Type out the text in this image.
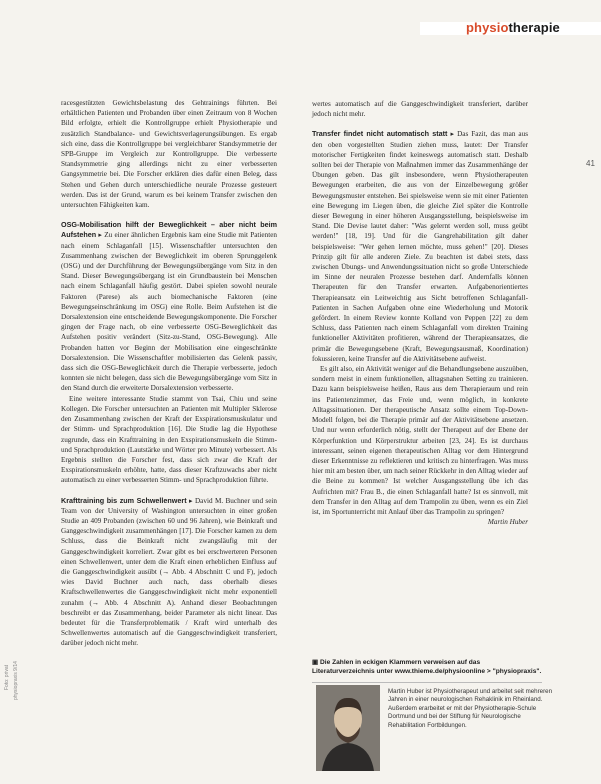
physiotherapie
41

racesgestützten Gewichtsbelastung des Gehtrainings führten. Bei erhältlichen Patienten und Probanden über einen Zeitraum von 8 Wochen Bild erfolgte, erhielt die Kontrollgruppe erhielt Physiotherapie und zusätzlich Standbalance- und Gewichtsverlagerungsübungen. Es ergab sich eine, dass die Kontrollgruppe bei vergleichbarer Standsymmetrie der SPB-Gruppe im Vergleich zur Kontrollgruppe. Die verbesserte Standsymmetrie ging allerdings nicht zu einer verbesserten Gangsymmetrie bei. Die Forscher erklären dies dafür einen Beleg, dass Stehen und Gehen durch unterschiedliche neurale Prozesse gesteuert werden. Das ist der Grund, warum es bei keinem Transfer zwischen den untersuchten Fähigkeiten kam.

OSG-Mobilisation hilft der Beweglichkeit – aber nicht beim Aufstehen ▸ Zu einer ähnlichen Ergebnis kam eine Studie mit Patienten nach einem Schlaganfall [15]. Wissenschaftler untersuchten den Zusammenhang zwischen der Beweglichkeit im oberen Sprunggelenk (OSG) und der Durchführung der Bewegungsübergänge vom Sitz in den Stand. Dieser Bewegungsübergang ist ein Grundbaustein bei Menschen nach einem Schlaganfall häufig gestört. Dabei spielen sowohl neurale Faktoren (Parese) als auch biomechanische Faktoren (eine Bewegungseinschränkung im OSG) eine Rolle. Beim Aufstehen ist die Dorsalextension eine entscheidende Bewegungskomponente. Die Forscher gingen der Frage nach, ob eine verbesserte OSG-Beweglichkeit das Aufstehen positiv verändert (Sitz-zu-Stand, OSG-Bewegung). Alle Probanden hatten vor Beginn der Mobilisation eine eingeschränkte Dorsalextension. Die Wissenschaftler mobilisierten das Gelenk passiv, dass sich die OSG-Beweglichkeit durch die Therapie verbesserte, jedoch konnten sie nicht belegen, dass sich die Bewegungsübergänge vom Sitz in den Stand durch die erweiterte Dorsalextension verbesserte.

Eine weitere interessante Studie stammt von Tsai, Chiu und seine Kollegen. Die Forscher untersuchten an Patienten mit Multipler Sklerose den Zusammenhang zwischen der Kraft der Exspirationsmuskulatur und der Stimm- und Sprachproduktion [16]. Die Studie lag die Hypothese zugrunde, dass ein Krafttraining in den Exspirationsmuskeln die Stimm- und Sprachproduktion (Lautstärke und Wörter pro Minute) verbessert. Als Ergebnis stellten die Forscher fest, dass sich zwar die Kraft der Exspirationsmuskeln erhöhte, hatte, dass dieser Kraftzuwachs aber nicht automatisch zu einer verbesserten Stimm- und Sprachproduktion führte.

Krafttraining bis zum Schwellenwert ▸ David M. Buchner und sein Team von der University of Washington untersuchten in einer großen Studie an 409 Probanden (zwischen 60 und 96 Jahren), wie Beinkraft und Ganggeschwindigkeit zusammenhängen [17]. Die Forscher kamen zu dem Schluss, dass die Beinkraft nicht zwangsläufig mit der Ganggeschwindigkeit korreliert. Zwar gibt es bei erschwerteren Personen einen Schwellenwert, unter dem die Kraft einen erheblichen Einfluss auf die Ganggeschwindigkeit ausübt (→ Abb. 4 Abschnitt C und F), jedoch wies David Buchner auch nach, dass oberhalb dieses Kraftschwellenwertes die Ganggeschwindigkeit nicht mehr exponentiell zunahm (→ Abb. 4 Abschnitt A). Anhand dieser Beobachtungen beschreibt er das Zusammenhang, beider Parameter als nicht linear. Das bedeutet für die Transferproblematik / Kraft wird unterhalb des Schwellenwertes automatisch auf die Ganggeschwindigkeit transferiert, darüber jedoch nicht mehr.

wertes automatisch auf die Ganggeschwindigkeit transferiert, darüber jedoch nicht mehr.

Transfer findet nicht automatisch statt ▸ Das Fazit, das man aus den oben vorgestellten Studien ziehen muss, lautet: Der Transfer motorischer Fertigkeiten findet keineswegs automatisch statt. Deshalb sollten bei der Therapie von Maßnahmen immer das Zusammenhänge der Übungen geben. Das gilt insbesondere, wenn Physiotherapeuten Bewegungen erarbeiten, die aus von der Einzelbewegung größer Bewegungsmuster entstehen. Bei spielsweise wenn sie mit einer Patienten eine Bewegung im Liegen üben, die gleiche Ziel später die Kontrolle dieser Bewegung in einer höheren Ausgangsstellung, beispielsweise im Stand. Die Devise lautet daher: "Was gelernt werden soll, muss geübt werden!" [18, 19]. Und für die Gangrehabilitation gilt daher beispielsweise: "Wer gehen lernen möchte, muss gehen!" [20]. Dieses Prinzip gilt für alle anderen Ziele. Zu beachten ist dabei stets, dass zwischen Übungs- und Anwendungssituation nicht so große Unterschiede im Sinne der neuralen Prozesse bestehen darf. Andernfalls können Therapeuten für den Transfer erwarten. Aufgabenorientiertes Therapieansatz ein Leitweichtig aus Sicht betroffenen Schlaganfall-Patienten in Sachen Aufgaben ohne eine Wiederholung und Motorik gefördert. In einem Review konnte Kolland von Peppen [22] zu dem Schluss, dass Patienten nach einem Schlaganfall vom direkten Training funktioneller Aktivitäten profitieren, während der Therapieansatzes, die primär die Bewegungsebene (Kraft, Bewegungsausmaß, Koordination) fokussieren, keine Transfer auf die Aktivitätsebene aufweist.

Es gilt also, ein Aktivität weniger auf die Behandlungsebene auszuüben, sondern meist in einem funktionellen, alltagsnahen Setting zu trainieren. Dazu kann beispielsweise heißen, Raus aus dem Therapieraum und rein ins Patientenzimmer, das Freie und, wenn möglich, in konkrete Alltagssituationen. Der therapeutische Ansatz sollte einem Top-Down-Modell folgen, bei die Therapie primär auf der Aktivitätsebene ansetzen. Und nur wenn erforderlich nötig, stellt der Therapeut auf der Ebene der Körperfunktion und Körperstruktur arbeiten [23, 24]. Es ist durchaus interessant, seinen eigenen therapeutischen Alltag vor dem Hintergrund dieser Erkenntnisse zu reflektieren und kritisch zu hinterfragen. Was muss hier mit am besten über, um nach seiner Rückkehr in den Alltag wieder auf die Beine zu kommen? Ist welcher Ausgangsstellung übe ich das Aufrichten mit? Frau B., die einen Schlaganfall hatte? Ist es sinnvoll, mit dem Transfer in den Alltag auf dem Trampolin zu üben, wenn es ein Ziel ist, im Sportunterricht mit Anlauf über das Trampolin zu springen?

Martin Huber

▣ Die Zahlen in eckigen Klammern verweisen auf das Literaturverzeichnis unter www.thieme.de/physioonline > "physiopraxis".
Martin Huber ist Physiotherapeut und arbeitet seit mehreren Jahren in einer neurologischen Rehaklinik im Rheinland. Außerdem erarbeitet er mit der Physiotherapie-Schule Dortmund und bei der Stiftung für Neurologische Rehabilitation Fortbildungen.
Foto: privat physiopraxis 9/14
